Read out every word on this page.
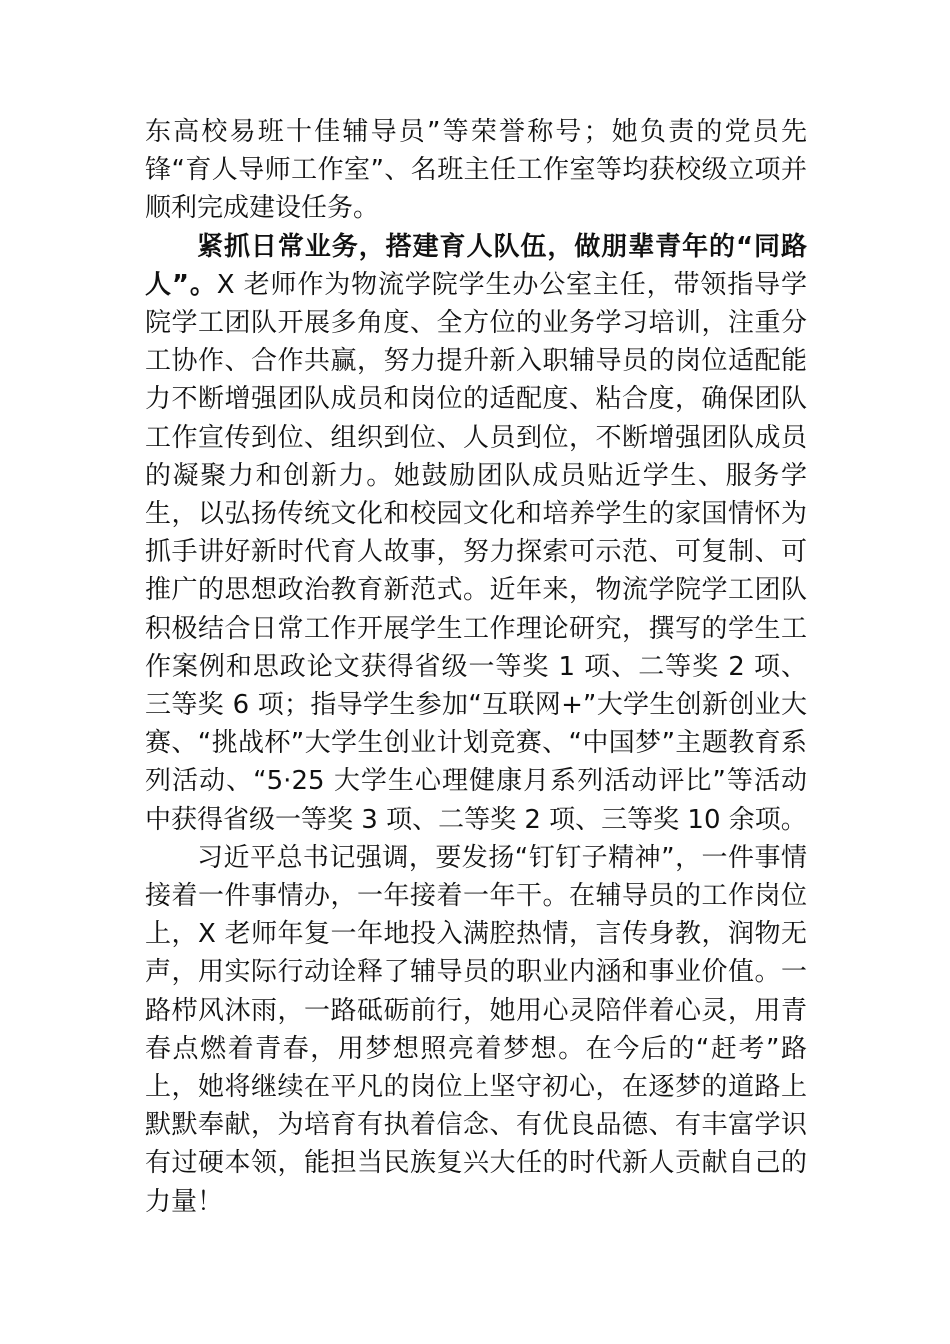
东高校易班十佳辅导员”等荣誉称号；她负责的党员先锋“育人导师工作室”、名班主任工作室等均获校级立项并顺利完成建设任务。

紧抓日常业务，搭建育人队伍，做朋辈青年的“同路人”。X 老师作为物流学院学生办公室主任，带领指导学院学工团队开展多角度、全方位的业务学习培训，注重分工协作、合作共赢，努力提升新入职辅导员的岗位适配能力不断增强团队成员和岗位的适配度、粘合度，确保团队工作宣传到位、组织到位、人员到位，不断增强团队成员的凝聚力和创新力。她鼓励团队成员贴近学生、服务学生，以弘扬传统文化和校园文化和培养学生的家国情怀为抓手讲好新时代育人故事，努力探索可示范、可复制、可推广的思想政治教育新范式。近年来，物流学院学工团队积极结合日常工作开展学生工作理论研究，撰写的学生工作案例和思政论文获得省级一等奖 1 项、二等奖 2 项、三等奖 6 项；指导学生参加“互联网+”大学生创新创业大赛、“挑战杯”大学生创业计划竞赛、“中国梦”主题教育系列活动、“5·25 大学生心理健康月系列活动评比”等活动中获得省级一等奖 3 项、二等奖 2 项、三等奖 10 余项。

习近平总书记强调，要发扬“钉钉子精神”，一件事情接着一件事情办，一年接着一年干。在辅导员的工作岗位上，X 老师年复一年地投入满腔热情，言传身教，润物无声，用实际行动诠释了辅导员的职业内涵和事业价值。一路栉风沐雨，一路砥砺前行，她用心灵陪伴着心灵，用青春点燃着青春，用梦想照亮着梦想。在今后的“赶考”路上，她将继续在平凡的岗位上坚守初心，在逐梦的道路上默默奉献，为培育有执着信念、有优良品德、有丰富学识有过硬本领，能担当民族复兴大任的时代新人贡献自己的力量！
